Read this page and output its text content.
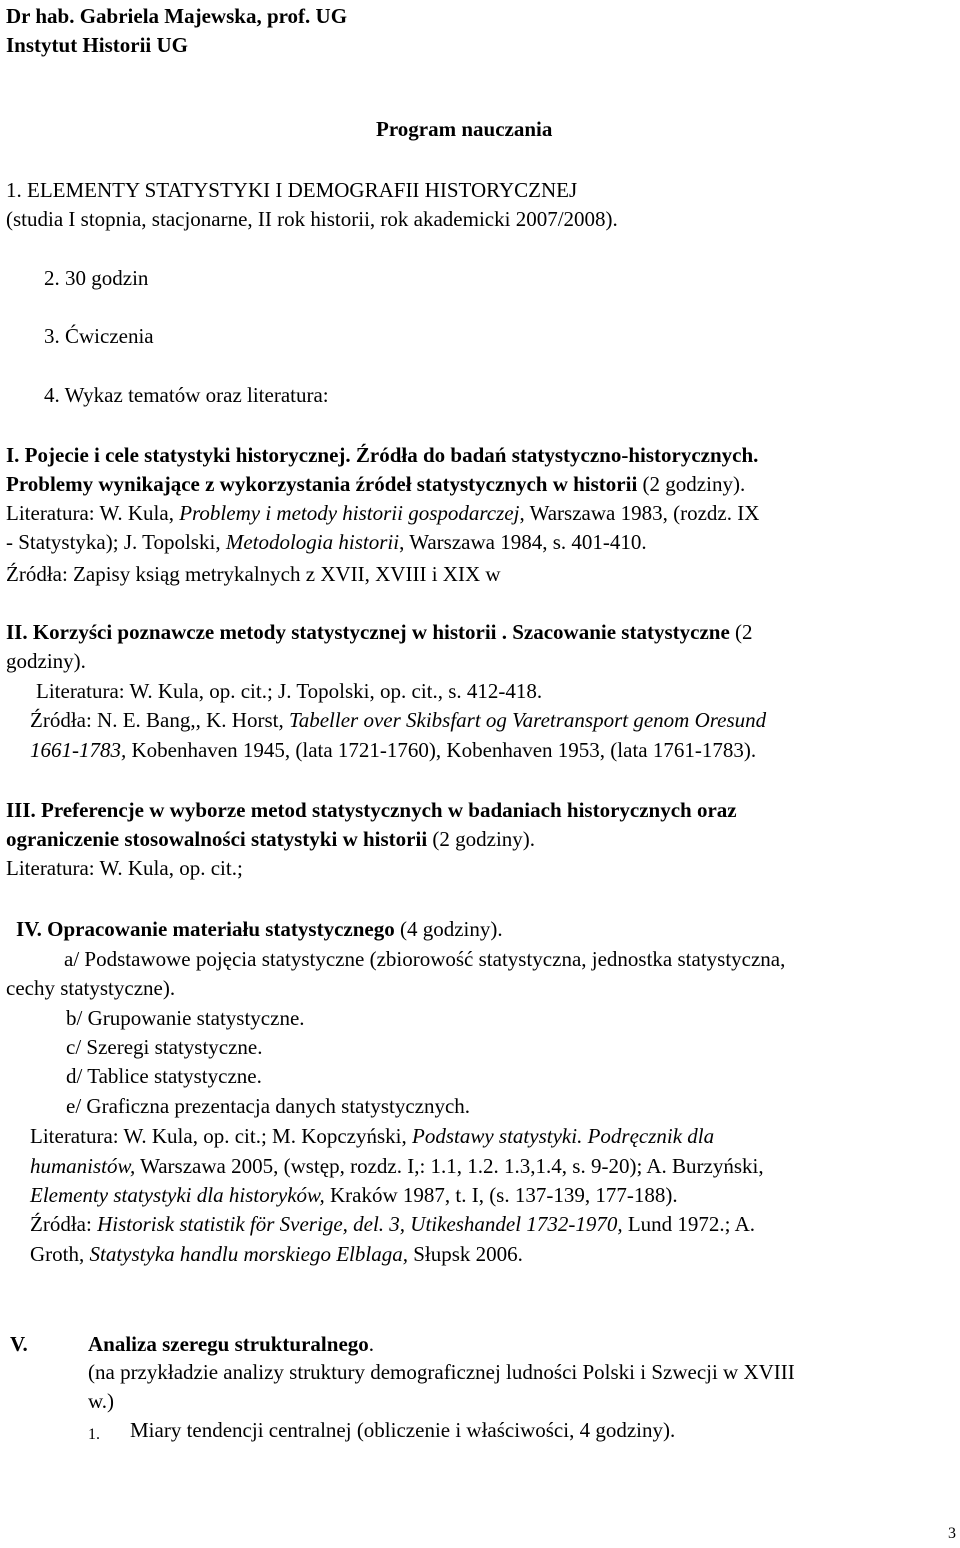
Dr hab. Gabriela Majewska, prof. UG
Instytut Historii UG
Program nauczania
1. ELEMENTY STATYSTYKI I DEMOGRAFII HISTORYCZNEJ
(studia I stopnia, stacjonarne, II rok historii, rok akademicki 2007/2008).
2. 30 godzin
3. Ćwiczenia
4. Wykaz tematów oraz literatura:
I. Pojecie i cele statystyki historycznej. Źródła do badań statystyczno-historycznych.
Problemy wynikające z wykorzystania źródeł statystycznych w historii (2 godziny).
Literatura: W. Kula, Problemy i metody historii gospodarczej, Warszawa 1983, (rozdz. IX
- Statystyka); J. Topolski, Metodologia historii, Warszawa 1984, s. 401-410.
Źródła: Zapisy ksiąg metrykalnych z XVII, XVIII i XIX w
II. Korzyści poznawcze metody statystycznej w historii . Szacowanie statystyczne (2
godziny).
Literatura: W. Kula, op. cit.; J. Topolski, op. cit., s. 412-418.
Źródła: N. E. Bang,, K. Horst, Tabeller over Skibsfart og Varetransport genom Oresund
1661-1783, Kobenhaven 1945, (lata 1721-1760), Kobenhaven 1953, (lata 1761-1783).
III. Preferencje w wyborze metod statystycznych w badaniach historycznych oraz
ograniczenie stosowalności statystyki w historii (2 godziny).
Literatura: W. Kula, op. cit.;
IV. Opracowanie materiału statystycznego (4 godziny).
a/ Podstawowe pojęcia statystyczne (zbiorowość statystyczna, jednostka statystyczna,
cechy statystyczne).
b/ Grupowanie statystyczne.
c/ Szeregi statystyczne.
d/ Tablice statystyczne.
e/ Graficzna prezentacja danych statystycznych.
Literatura: W. Kula, op. cit.; M. Kopczyński, Podstawy statystyki. Podręcznik dla
humanistów, Warszawa 2005, (wstęp, rozdz. I,: 1.1, 1.2. 1.3,1.4, s. 9-20); A. Burzyński,
Elementy statystyki dla historyków, Kraków 1987, t. I, (s. 137-139, 177-188).
Źródła: Historisk statistik för Sverige, del. 3, Utikeshandel 1732-1970, Lund 1972.; A.
Groth, Statystyka handlu morskiego Elblaga, Słupsk 2006.
V.	Analiza szeregu strukturalnego.
(na przykładzie analizy struktury demograficznej ludności Polski i Szwecji w XVIII
w.)
1. Miary tendencji centralnej (obliczenie i właściwości, 4 godziny).
3
